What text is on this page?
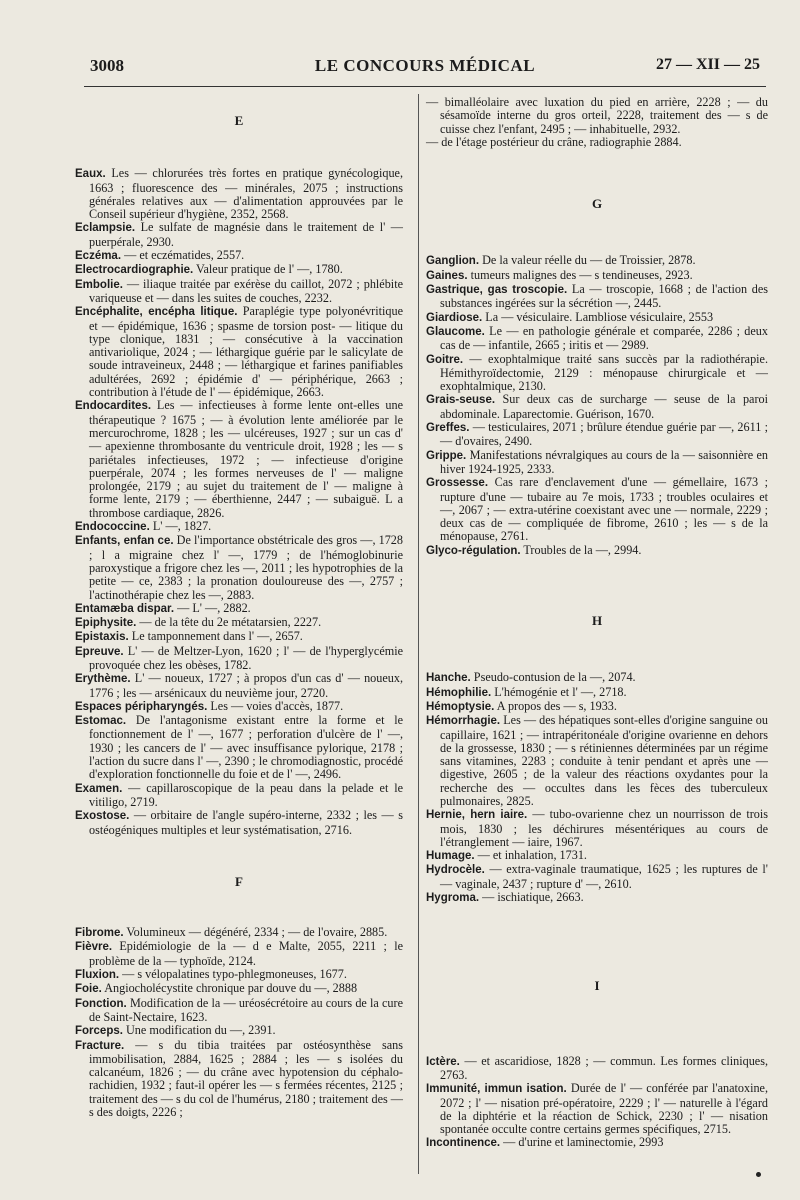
3008	LE CONCOURS MÉDICAL	27 — XII — 25
E
Eaux. Les — chlorurées très fortes en pratique gynécologique, 1663 ; fluorescence des — minérales, 2075 ; instructions générales relatives aux — d'alimentation approuvées par le Conseil supérieur d'hygiène, 2352, 2568.
Eclampsie. Le sulfate de magnésie dans le traitement de l' — puerpérale, 2930.
Eczéma. — et eczématides, 2557.
Electrocardiographie. Valeur pratique de l' —, 1780.
Embolie. — iliaque traitée par exérèse du caillot, 2072 ; phlébite variqueuse et — dans les suites de couches, 2232.
Encéphalite, encépha litique. Paraplégie type polyonévritique et — épidémique, 1636 ; spasme de torsion post- — litique du type clonique, 1831 ; — consécutive à la vaccination antivariolique, 2024 ; — léthargique guérie par le salicylate de soude intraveineux, 2448 ; — léthargique et farines panifiables adultérées, 2692 ; épidémie d' — périphérique, 2663 ; contribution à l'étude de l' — épidémique, 2663.
Endocardites. Les — infectieuses à forme lente ont-elles une thérapeutique ? 1675 ; — à évolution lente améliorée par le mercurochrome, 1828 ; les — ulcéreuses, 1927 ; sur un cas d' — apexienne thrombosante du ventricule droit, 1928 ; les — s pariétales infectieuses, 1972 ; — infectieuse d'origine puerpérale, 2074 ; les formes nerveuses de l' — maligne prolongée, 2179 ; au sujet du traitement de l' — maligne à forme lente, 2179 ; — éberthienne, 2447 ; — subaiguë. L a thrombose cardiaque, 2826.
Endococcine. L' —, 1827.
Enfants, enfan ce. De l'importance obstétricale des gros —, 1728 ; l a migraine chez l' —, 1779 ; de l'hémoglobinurie paroxystique a frigore chez les —, 2011 ; les hypotrophies de la petite — ce, 2383 ; la pronation douloureuse des —, 2757 ; l'actinothérapie chez les —, 2883.
Entamæba dispar. — L' —, 2882.
Epiphysite. — de la tête du 2e métatarsien, 2227.
Epistaxis. Le tamponnement dans l' —, 2657.
Epreuve. L' — de Meltzer-Lyon, 1620 ; l' — de l'hyperglycémie provoquée chez les obèses, 1782.
Erythème. L' — noueux, 1727 ; à propos d'un cas d' — noueux, 1776 ; les — arsénicaux du neuvième jour, 2720.
Espaces péripharyngés. Les — voies d'accès, 1877.
Estomac. De l'antagonisme existant entre la forme et le fonctionnement de l' —, 1677 ; perforation d'ulcère de l' —, 1930 ; les cancers de l' — avec insuffisance pylorique, 2178 ; l'action du sucre dans l' —, 2390 ; le chromodiagnostic, procédé d'exploration fonctionnelle du foie et de l' —, 2496.
Examen. — capillaroscopique de la peau dans la pelade et le vitiligo, 2719.
Exostose. — orbitaire de l'angle supéro-interne, 2332 ; les — s ostéogéniques multiples et leur systématisation, 2716.
F
Fibrome. Volumineux — dégénéré, 2334 ; — de l'ovaire, 2885.
Fièvre. Epidémiologie de la — d e Malte, 2055, 2211 ; le problème de la — typhoïde, 2124.
Fluxion. — s vélopalatines typo-phlegmoneuses, 1677.
Foie. Angiocholécystite chronique par douve du —, 2888
Fonction. Modification de la — uréosécrétoire au cours de la cure de Saint-Nectaire, 1623.
Forceps. Une modification du —, 2391.
Fracture. — s du tibia traitées par ostéosynthèse sans immobilisation, 2884, 1625 ; 2884 ; les — s isolées du calcanéum, 1826 ; — du crâne avec hypotension du céphalo-rachidien, 1932 ; faut-il opérer les — s fermées récentes, 2125 ; traitement des — s du col de l'humérus, 2180 ; traitement des — s des doigts, 2226 ;
— bimalléolaire avec luxation du pied en arrière, 2228 ; — du sésamoïde interne du gros orteil, 2228, traitement des — s de cuisse chez l'enfant, 2495 ; — inhabituelle, 2932.
— de l'étage postérieur du crâne, radiographie 2884.
G
Ganglion. De la valeur réelle du — de Troissier, 2878.
Gaines. tumeurs malignes des — s tendineuses, 2923.
Gastrique, gas troscopie. La — troscopie, 1668 ; de l'action des substances ingérées sur la sécrétion —, 2445.
Giardiose. La — vésiculaire. Lambliose vésiculaire, 2553
Glaucome. Le — en pathologie générale et comparée, 2286 ; deux cas de — infantile, 2665 ; iritis et — 2989.
Goitre. — exophtalmique traité sans succès par la radiothérapie. Hémithyroïdectomie, 2129 : ménopause chirurgicale et — exophtalmique, 2130.
Grais-seuse. Sur deux cas de surcharge — seuse de la paroi abdominale. Laparectomie. Guérison, 1670.
Greffes. — testiculaires, 2071 ; brûlure étendue guérie par —, 2611 ; — d'ovaires, 2490.
Grippe. Manifestations névralgiques au cours de la — saisonnière en hiver 1924-1925, 2333.
Grossesse. Cas rare d'enclavement d'une — gémellaire, 1673 ; rupture d'une — tubaire au 7e mois, 1733 ; troubles oculaires et —, 2067 ; — extra-utérine coexistant avec une — normale, 2229 ; deux cas de — compliquée de fibrome, 2610 ; les — s de la ménopause, 2761.
Glyco-régulation. Troubles de la —, 2994.
H
Hanche. Pseudo-contusion de la —, 2074.
Hémophilie. L'hémogénie et l' —, 2718.
Hémoptysie. A propos des — s, 1933.
Hémorrhagie. Les — des hépatiques sont-elles d'origine sanguine ou capillaire, 1621 ; — intrapéritonéale d'origine ovarienne en dehors de la grossesse, 1830 ; — s rétiniennes déterminées par un régime sans vitamines, 2283 ; conduite à tenir pendant et après une — digestive, 2605 ; de la valeur des réactions oxydantes pour la recherche des — occultes dans les fèces des tuberculeux pulmonaires, 2825.
Hernie, hern iaire. — tubo-ovarienne chez un nourrisson de trois mois, 1830 ; les déchirures mésentériques au cours de l'étranglement — iaire, 1967.
Humage. — et inhalation, 1731.
Hydrocèle. — extra-vaginale traumatique, 1625 ; les ruptures de l' — vaginale, 2437 ; rupture d' —, 2610.
Hygroma. — ischiatique, 2663.
I
Ictère. — et ascaridiose, 1828 ; — commun. Les formes cliniques, 2763.
Immunité, immun isation. Durée de l' — conférée par l'anatoxine, 2072 ; l' — nisation pré-opératoire, 2229 ; l' — naturelle à l'égard de la diphtérie et la réaction de Schick, 2230 ; l' — nisation spontanée occulte contre certains germes spécifiques, 2715.
Incontinence. — d'urine et laminectomie, 2993
